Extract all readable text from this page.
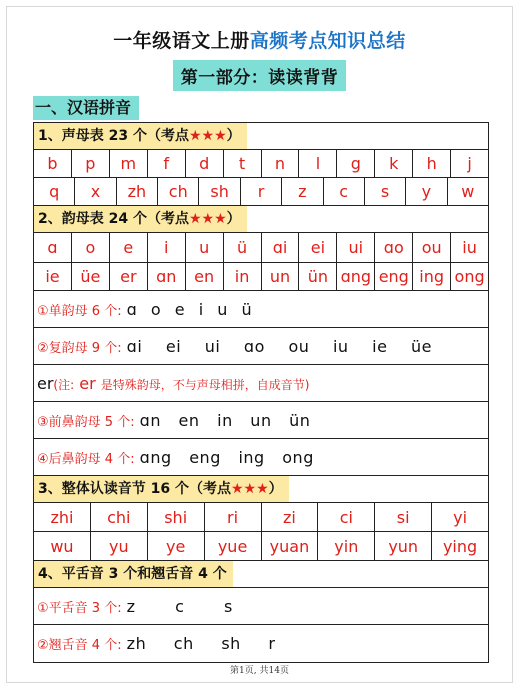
一年级语文上册高频考点知识总结
第一部分：读读背背
一、汉语拼音
1、声母表 23 个（考点★★★）
b	p	m	f	d	t	n	l	g	k	h	j
q	x	zh	ch	sh	r	z	c	s	y	w
2、韵母表 24 个（考点★★★）
ɑ	o	e	i	u	ü	ɑi	ei	ui	ɑo	ou	iu
ie	üe	er	ɑn	en	in	un	ün ɑng eng ing ong
①单韵母 6 个: ɑ o e i u ü
②复韵母 9 个: ɑi ei ui ɑo ou iu ie üe
er(注: er 是特殊韵母，不与声母相拼，自成音节)
③前鼻韵母 5 个: ɑn en in un ün
④后鼻韵母 4 个: ɑng eng ing ong
3、整体认读音节 16 个（考点★★★）
zhi	chi	shi	ri	zi	ci	si	yi
wu	yu	ye	yue	yuan	yin	yun	ying
4、平舌音 3 个和翘舌音 4 个
①平舌音 3 个: z c s
②翘舌音 4 个: zh ch sh r
第1页, 共14页
